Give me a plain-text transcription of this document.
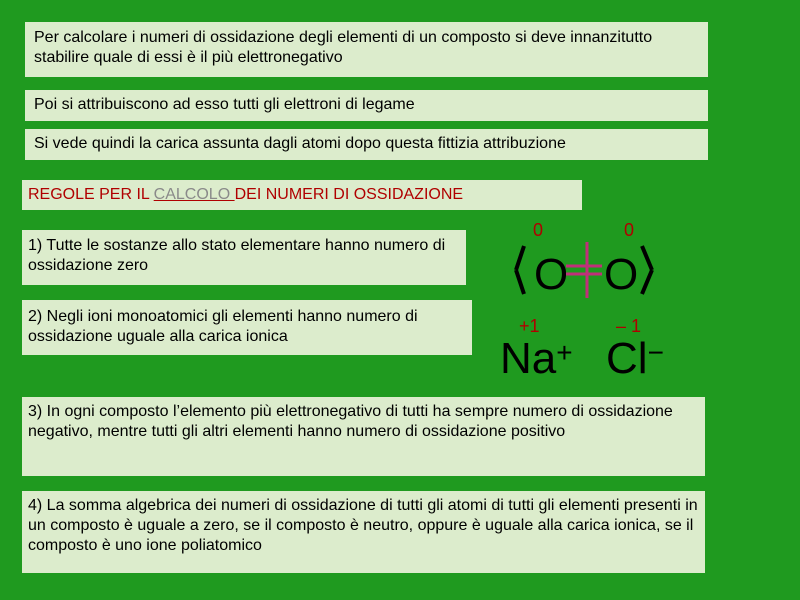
Per calcolare i numeri di ossidazione degli elementi di un composto si deve innanzitutto stabilire quale di essi è il più elettronegativo
Poi si attribuiscono ad esso tutti gli elettroni di legame
Si vede quindi la carica assunta dagli atomi dopo questa fittizia attribuzione
REGOLE PER IL CALCOLO DEI NUMERI DI OSSIDAZIONE
1) Tutte le sostanze allo stato elementare hanno numero di ossidazione zero
2) Negli ioni monoatomici gli elementi hanno numero di ossidazione uguale alla carica ionica
0	0
O O
+1	– 1
Na+ Cl−
3) In ogni composto l’elemento più elettronegativo di tutti ha sempre numero di ossidazione negativo, mentre tutti gli altri elementi hanno numero di ossidazione positivo
4) La somma algebrica dei numeri di ossidazione di tutti gli atomi di tutti gli elementi presenti in un composto è uguale a zero, se il composto è neutro, oppure è uguale alla carica ionica, se il composto è uno ione poliatomico
